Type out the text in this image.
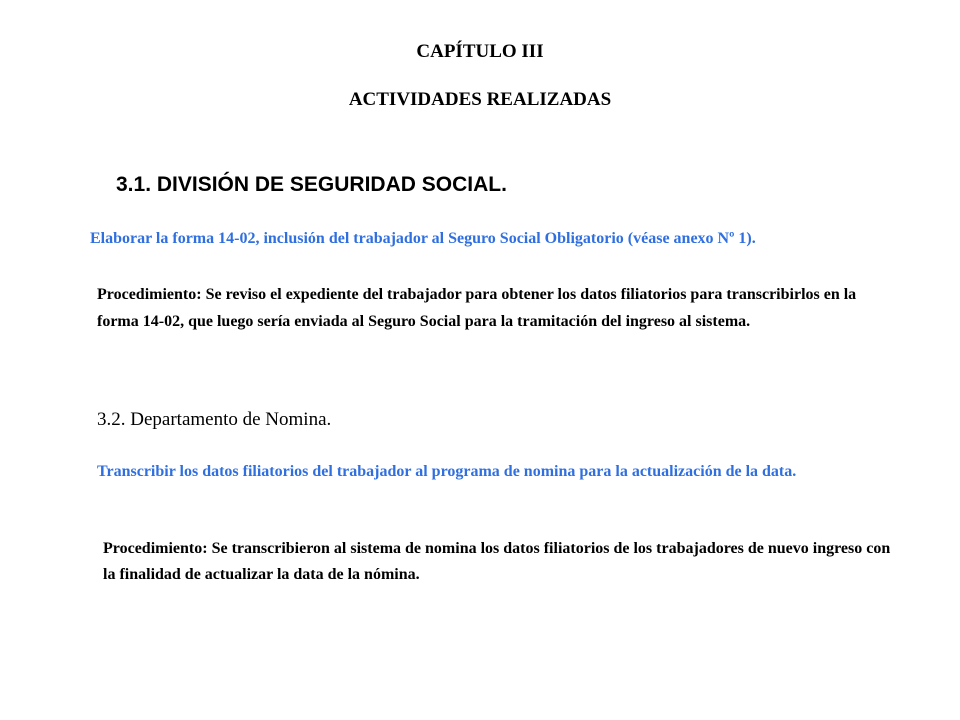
CAPÍTULO III
ACTIVIDADES REALIZADAS
3.1. DIVISIÓN DE SEGURIDAD SOCIAL.

Elaborar la forma 14-02, inclusión del trabajador al Seguro Social Obligatorio (véase anexo Nº 1).

Procedimiento: Se reviso el expediente del trabajador para obtener los datos filiatorios para transcribirlos en la forma 14-02, que luego sería enviada al Seguro Social para la tramitación del ingreso al sistema.

3.2. Departamento de Nomina.

Transcribir los datos filiatorios del trabajador al programa de nomina para la actualización de la data.

Procedimiento: Se transcribieron al sistema de nomina los datos filiatorios de los trabajadores de nuevo ingreso con la finalidad de actualizar la data de la nómina.
